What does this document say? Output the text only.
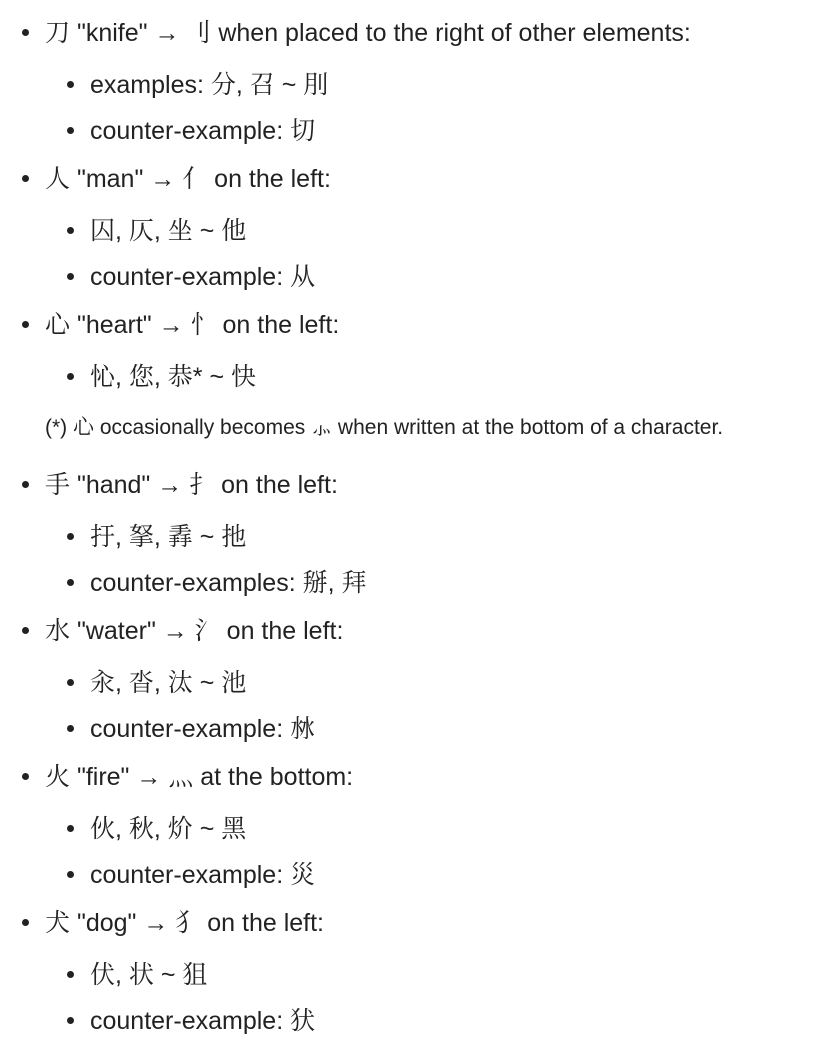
刀 "knife" → 刂 when placed to the right of other elements:
examples: 分, 召 ~ 刖
counter-example: 切
人 "man" → 亻 on the left:
囚, 仄, 坐 ~ 他
counter-example: 从
心 "heart" → 忄 on the left:
㤈, 您, 恭* ~ 快
(*) 心 occasionally becomes ⺗ when written at the bottom of a character.
手 "hand" → 扌 on the left:
扜, 拏, 掱 ~ 扡
counter-examples: 掰, 拜
水 "water" → 氵 on the left:
汆, 沓, 汰 ~ 池
counter-example: 沝
火 "fire" → 灬 at the bottom:
伙, 秋, 炌 ~ 黑
counter-example: 災
犬 "dog" → 犭 on the left:
伏, 状 ~ 狙
counter-example: 犾
